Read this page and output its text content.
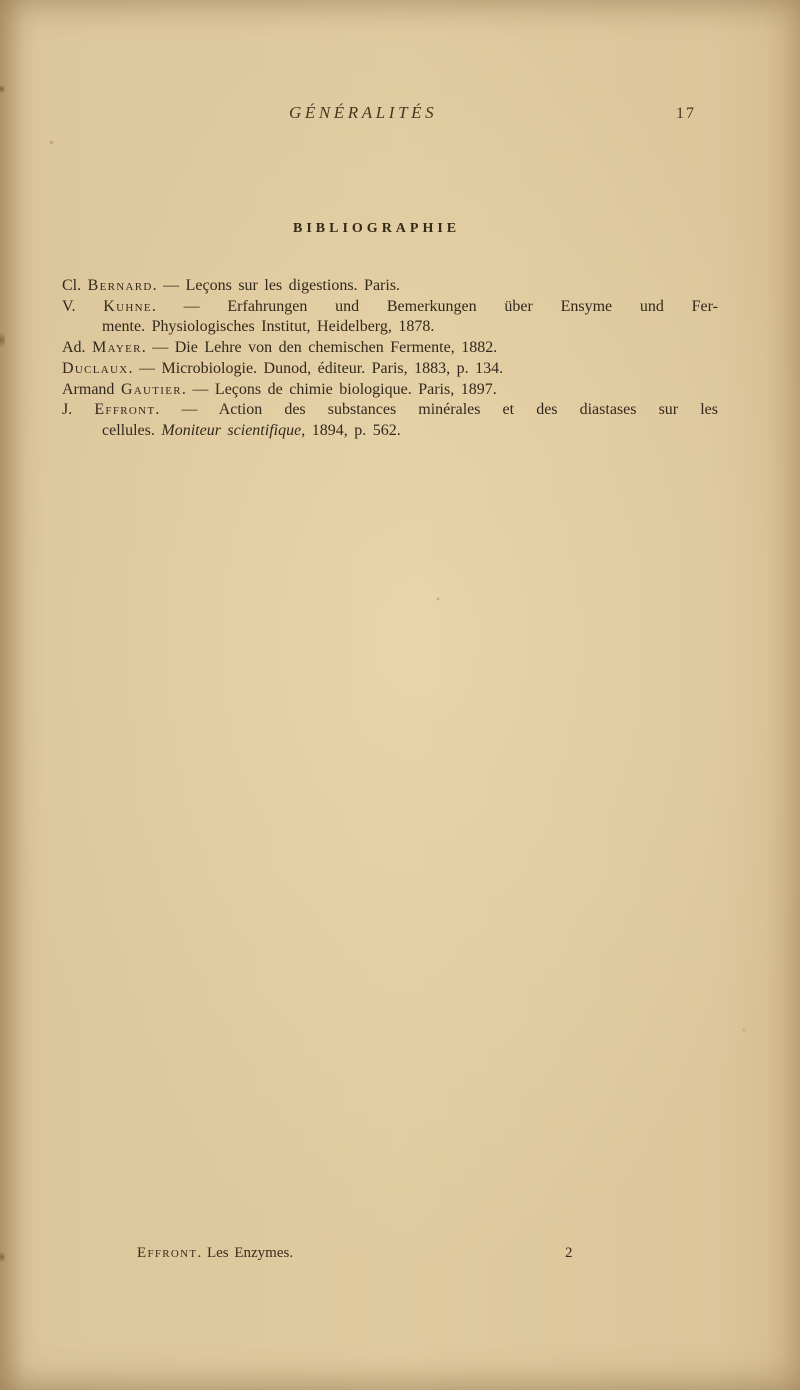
GÉNÉRALITÉS	17
BIBLIOGRAPHIE
Cl. Bernard. — Leçons sur les digestions. Paris.
V. Kuhne. — Erfahrungen und Bemerkungen über Ensyme und Fer-
mente. Physiologisches Institut, Heidelberg, 1878.
Ad. Mayer. — Die Lehre von den chemischen Fermente, 1882.
Duclaux. — Microbiologie. Dunod, éditeur. Paris, 1883, p. 134.
Armand Gautier. — Leçons de chimie biologique. Paris, 1897.
J. Effront. — Action des substances minérales et des diastases sur les
cellules. Moniteur scientifique, 1894, p. 562.
Effront. Les Enzymes.	2
